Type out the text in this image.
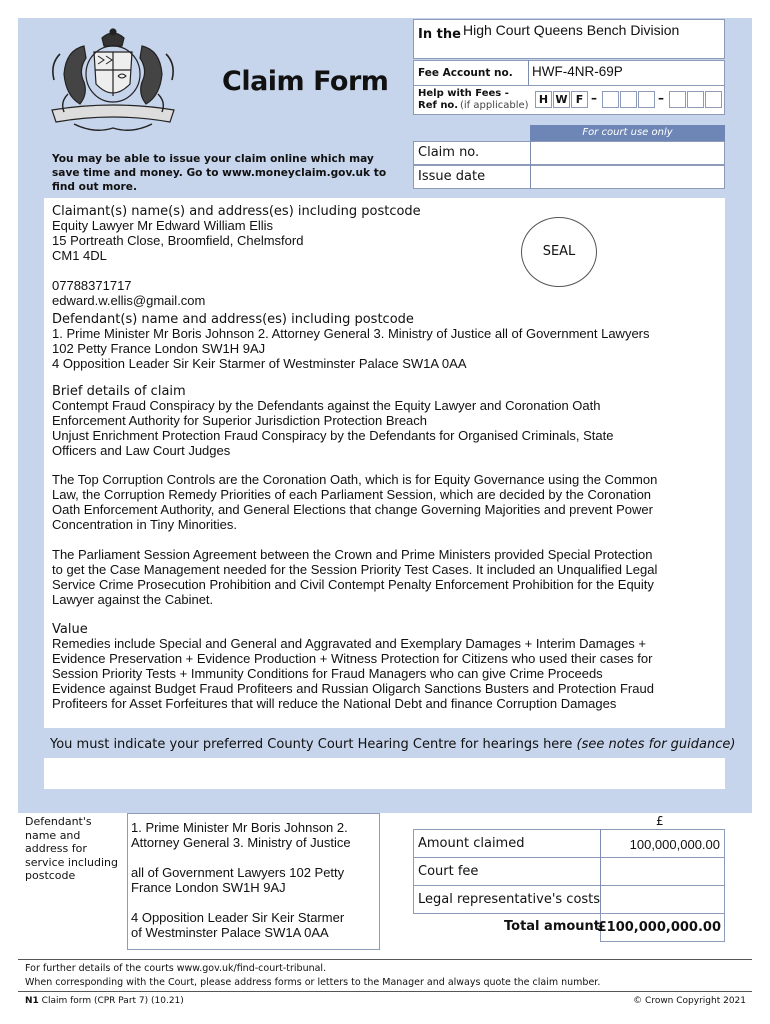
Claim Form
In the High Court Queens Bench Division
Fee Account no. HWF-4NR-69P
Help with Fees -
Ref no. (if applicable) H W F –	–
You may be able to issue your claim online which may save time and money. Go to www.moneyclaim.gov.uk to find out more.
For court use only
Claim no.
Issue date
Claimant(s) name(s) and address(es) including postcode
Equity Lawyer Mr Edward William Ellis
15 Portreath Close, Broomfield, Chelmsford
CM1 4DL
07788371717
edward.w.ellis@gmail.com
SEAL
Defendant(s) name and address(es) including postcode
1. Prime Minister Mr Boris Johnson 2. Attorney General 3. Ministry of Justice all of Government Lawyers
102 Petty France London SW1H 9AJ
4 Opposition Leader Sir Keir Starmer of Westminster Palace SW1A 0AA
Brief details of claim
Contempt Fraud Conspiracy by the Defendants against the Equity Lawyer and Coronation Oath
Enforcement Authority for Superior Jurisdiction Protection Breach
Unjust Enrichment Protection Fraud Conspiracy by the Defendants for Organised Criminals, State
Officers and Law Court Judges
The Top Corruption Controls are the Coronation Oath, which is for Equity Governance using the Common
Law, the Corruption Remedy Priorities of each Parliament Session, which are decided by the Coronation
Oath Enforcement Authority, and General Elections that change Governing Majorities and prevent Power
Concentration in Tiny Minorities.
The Parliament Session Agreement between the Crown and Prime Ministers provided Special Protection
to get the Case Management needed for the Session Priority Test Cases. It included an Unqualified Legal
Service Crime Prosecution Prohibition and Civil Contempt Penalty Enforcement Prohibition for the Equity
Lawyer against the Cabinet.
Value
Remedies include Special and General and Aggravated and Exemplary Damages + Interim Damages +
Evidence Preservation + Evidence Production + Witness Protection for Citizens who used their cases for
Session Priority Tests + Immunity Conditions for Fraud Managers who can give Crime Proceeds
Evidence against Budget Fraud Profiteers and Russian Oligarch Sanctions Busters and Protection Fraud
Profiteers for Asset Forfeitures that will reduce the National Debt and finance Corruption Damages
You must indicate your preferred County Court Hearing Centre for hearings here (see notes for guidance)
Defendant's
name and
address for
service including
postcode
1. Prime Minister Mr Boris Johnson 2.
Attorney General 3. Ministry of Justice

all of Government Lawyers 102 Petty
France London SW1H 9AJ

4 Opposition Leader Sir Keir Starmer
of Westminster Palace SW1A 0AA
£
Amount claimed	100,000,000.00
Court fee
Legal representative's costs
Total amount
£100,000,000.00
For further details of the courts www.gov.uk/find-court-tribunal.
When corresponding with the Court, please address forms or letters to the Manager and always quote the claim number.
N1 Claim form (CPR Part 7) (10.21)	© Crown Copyright 2021
